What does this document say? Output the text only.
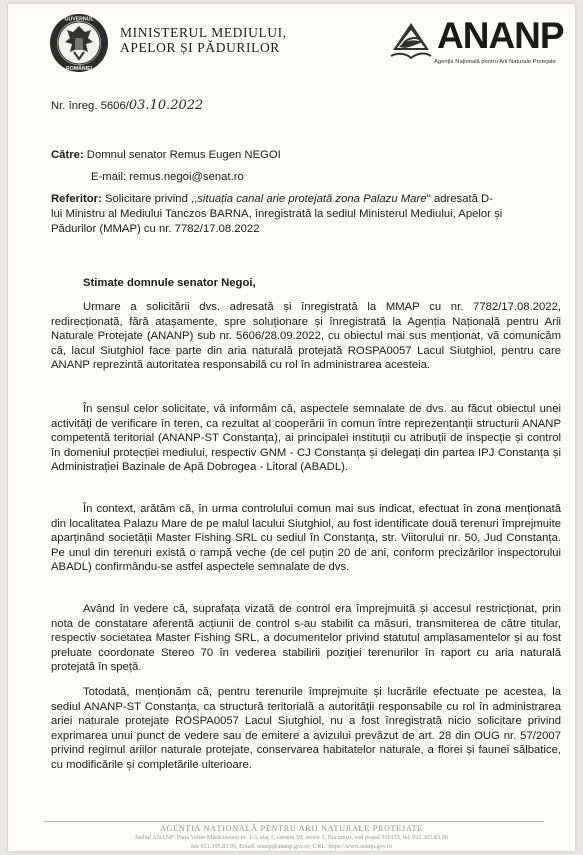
GUVERNUL
ROMÂNIEI
MINISTERUL MEDIULUI,
APELOR ȘI PĂDURILOR	ANANP
Agenția Națională pentru Arii Naturale Protejate
Nr. înreg. 5606/03.10.2022
Către: Domnul senator Remus Eugen NEGOI
E-mail: remus.negoi@senat.ro
Referitor: Solicitare privind ,,situația canal arie protejată zona Palazu Mare'' adresată D-
lui Ministru al Mediului Tanczos BARNA, înregistrată la sediul Ministerul Mediului, Apelor și
Pădurilor (MMAP) cu nr. 7782/17.08.2022
Stimate domnule senator Negoi,
Urmare a solicitării dvs. adresată și înregistrată la MMAP cu nr. 7782/17.08.2022, redirecționată, fără atașamente, spre soluționare și înregistrată la Agenția Națională pentru Arii Naturale Protejate (ANANP) sub nr. 5606/28.09.2022, cu obiectul mai sus menționat, vă comunicăm că, lacul Siutghiol face parte din aria naturală protejată ROSPA0057 Lacul Siutghiol, pentru care ANANP reprezintă autoritatea responsabilă cu rol în administrarea acesteia.
În sensul celor solicitate, vă informăm că, aspectele semnalate de dvs. au făcut obiectul unei activități de verificare în teren, ca rezultat al cooperării în comun între reprezentanții structurii ANANP competentă teritorial (ANANP-ST Constanța), ai principalei instituții cu atribuții de inspecție și control în domeniul protecției mediului, respectiv GNM - CJ Constanța și delegați din partea IPJ Constanța și Administrației Bazinale de Apă Dobrogea - Litoral (ABADL).
În context, arătăm că, în urma controlului comun mai sus indicat, efectuat în zona menționată din localitatea Palazu Mare de pe malul lacului Siutghiol, au fost identificate două terenuri împrejmuite aparținând societății Master Fishing SRL cu sediul în Constanța, str. Viitorului nr. 50, Jud Constanța. Pe unul din terenuri există o rampă veche (de cel puțin 20 de ani, conform precizărilor inspectorului ABADL) confirmându-se astfel aspectele semnalate de dvs.
Având în vedere că, suprafața vizată de control era împrejmuită și accesul restricționat, prin nota de constatare aferentă acțiunii de control s-au stabilit ca măsuri, transmiterea de către titular, respectiv societatea Master Fishing SRL, a documentelor privind statutul amplasamentelor și au fost preluate coordonate Stereo 70 în vederea stabilirii poziției terenurilor în raport cu aria naturală protejată în speță.
Totodată, menționăm că, pentru terenurile împrejmuite și lucrările efectuate pe acestea, la sediul ANANP-ST Constanța, ca structură teritorială a autorității responsabile cu rol în administrarea ariei naturale protejate ROSPA0057 Lacul Siutghiol, nu a fost înregistrată nicio solicitare privind exprimarea unui punct de vedere sau de emitere a avizului prevăzut de art. 28 din OUG nr. 57/2007 privind regimul ariilor naturale protejate, conservarea habitatelor naturale, a florei și faunei sălbatice, cu modificările și completările ulterioare.
AGENȚIA NAȚIONALĂ PENTRU ARII NATURALE PROTEJATE
Sediul ANANP: Piața Valter Mărăcineanu nr. 1-3, etaj 1, camera 59, sector 1, București, cod poștal 010155, tel. 021.305.83.90
fax 021.305.83.99, Email: ananp@ananp.gov.ro; URL: https://www.ananp.gov.ro
